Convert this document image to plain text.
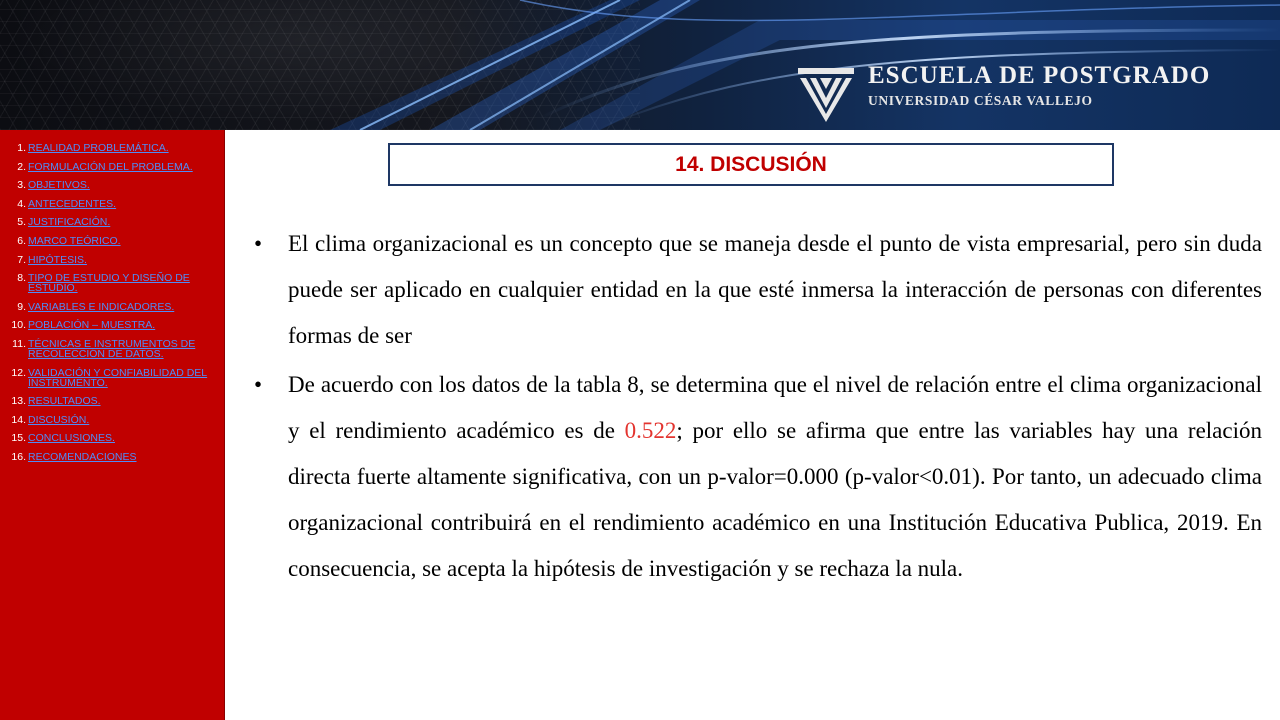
ESCUELA DE POSTGRADO
UNIVERSIDAD CÉSAR VALLEJO
1. REALIDAD PROBLEMÁTICA.
2. FORMULACIÓN DEL PROBLEMA.
3. OBJETIVOS.
4. ANTECEDENTES.
5. JUSTIFICACIÓN.
6. MARCO TEÓRICO.
7. HIPÓTESIS.
8. TIPO DE ESTUDIO Y DISEÑO DE ESTUDIO.
9. VARIABLES E INDICADORES.
10. POBLACIÓN – MUESTRA.
11. TÉCNICAS E INSTRUMENTOS DE RECOLECCIÓN DE DATOS.
12. VALIDACIÓN Y CONFIABILIDAD DEL INSTRUMENTO.
13. RESULTADOS.
14. DISCUSIÓN.
15. CONCLUSIONES.
16. RECOMENDACIONES
14. DISCUSIÓN
• El clima organizacional es un concepto que se maneja desde el punto de vista empresarial, pero sin duda puede ser aplicado en cualquier entidad en la que esté inmersa la interacción de personas con diferentes formas de ser
• De acuerdo con los datos de la tabla 8, se determina que el nivel de relación entre el clima organizacional y el rendimiento académico es de 0.522; por ello se afirma que entre las variables hay una relación directa fuerte altamente significativa, con un p-valor=0.000 (p-valor<0.01). Por tanto, un adecuado clima organizacional contribuirá en el rendimiento académico en una Institución Educativa Publica, 2019. En consecuencia, se acepta la hipótesis de investigación y se rechaza la nula.
